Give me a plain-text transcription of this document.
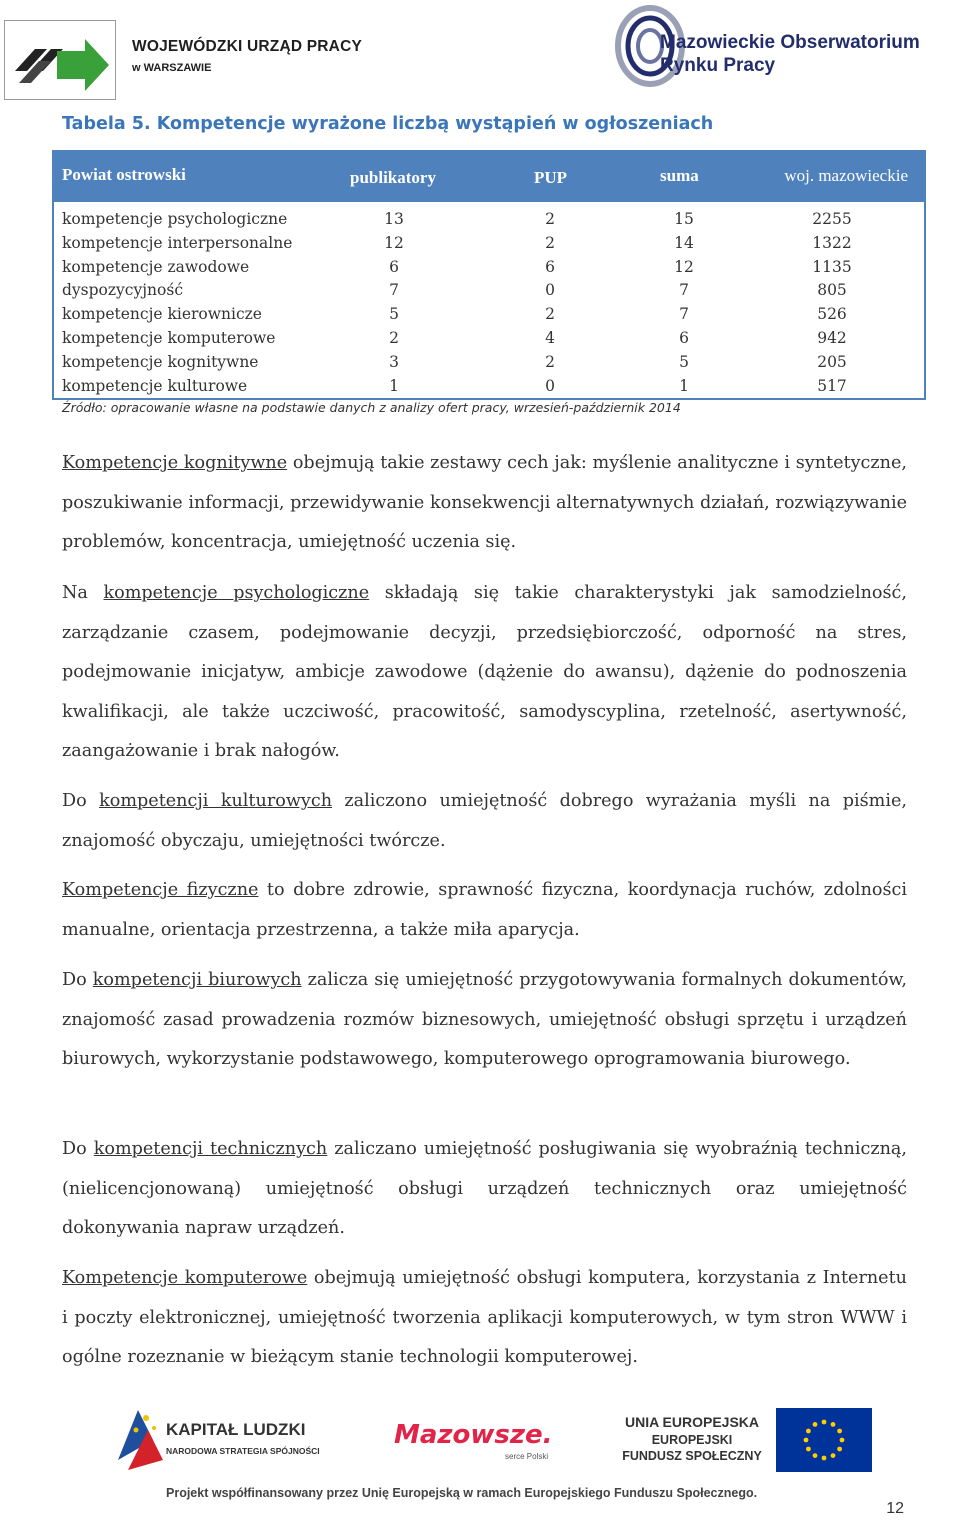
WOJEWÓDZKI URZĄD PRACY
w WARSZAWIE
Mazowieckie Obserwatorium
Rynku Pracy
Tabela 5. Kompetencje wyrażone liczbą wystąpień w ogłoszeniach
Powiat ostrowski	publikatory	PUP	suma	woj. mazowieckie
kompetencje psychologiczne	13	2	15	2255
kompetencje interpersonalne	12	2	14	1322
kompetencje zawodowe	6	6	12	1135
dyspozycyjność	7	0	7	805
kompetencje kierownicze	5	2	7	526
kompetencje komputerowe	2	4	6	942
kompetencje kognitywne	3	2	5	205
kompetencje kulturowe	1	0	1	517
Źródło: opracowanie własne na podstawie danych z analizy ofert pracy, wrzesień-październik 2014
Kompetencje kognitywne obejmują takie zestawy cech jak: myślenie analityczne i syntetyczne, poszukiwanie informacji, przewidywanie konsekwencji alternatywnych działań, rozwiązywanie problemów, koncentracja, umiejętność uczenia się.
Na kompetencje psychologiczne składają się takie charakterystyki jak samodzielność, zarządzanie czasem, podejmowanie decyzji, przedsiębiorczość, odporność na stres, podejmowanie inicjatyw, ambicje zawodowe (dążenie do awansu), dążenie do podnoszenia kwalifikacji, ale także uczciwość, pracowitość, samodyscyplina, rzetelność, asertywność, zaangażowanie i brak nałogów.
Do kompetencji kulturowych zaliczono umiejętność dobrego wyrażania myśli na piśmie, znajomość obyczaju, umiejętności twórcze.
Kompetencje fizyczne to dobre zdrowie, sprawność fizyczna, koordynacja ruchów, zdolności manualne, orientacja przestrzenna, a także miła aparycja.
Do kompetencji biurowych zalicza się umiejętność przygotowywania formalnych dokumentów, znajomość zasad prowadzenia rozmów biznesowych, umiejętność obsługi sprzętu i urządzeń biurowych, wykorzystanie podstawowego, komputerowego oprogramowania biurowego.
Do kompetencji technicznych zaliczano umiejętność posługiwania się wyobraźnią techniczną, (nielicencjonowaną) umiejętność obsługi urządzeń technicznych oraz umiejętność dokonywania napraw urządzeń.
Kompetencje komputerowe obejmują umiejętność obsługi komputera, korzystania z Internetu i poczty elektronicznej, umiejętność tworzenia aplikacji komputerowych, w tym stron WWW i ogólne rozeznanie w bieżącym stanie technologii komputerowej.
KAPITAŁ LUDZKI
NARODOWA STRATEGIA SPÓJNOŚCI
Mazowsze.
serce Polski
UNIA EUROPEJSKA
EUROPEJSKI
FUNDUSZ SPOŁECZNY
Projekt współfinansowany przez Unię Europejską w ramach Europejskiego Funduszu Społecznego.
12
